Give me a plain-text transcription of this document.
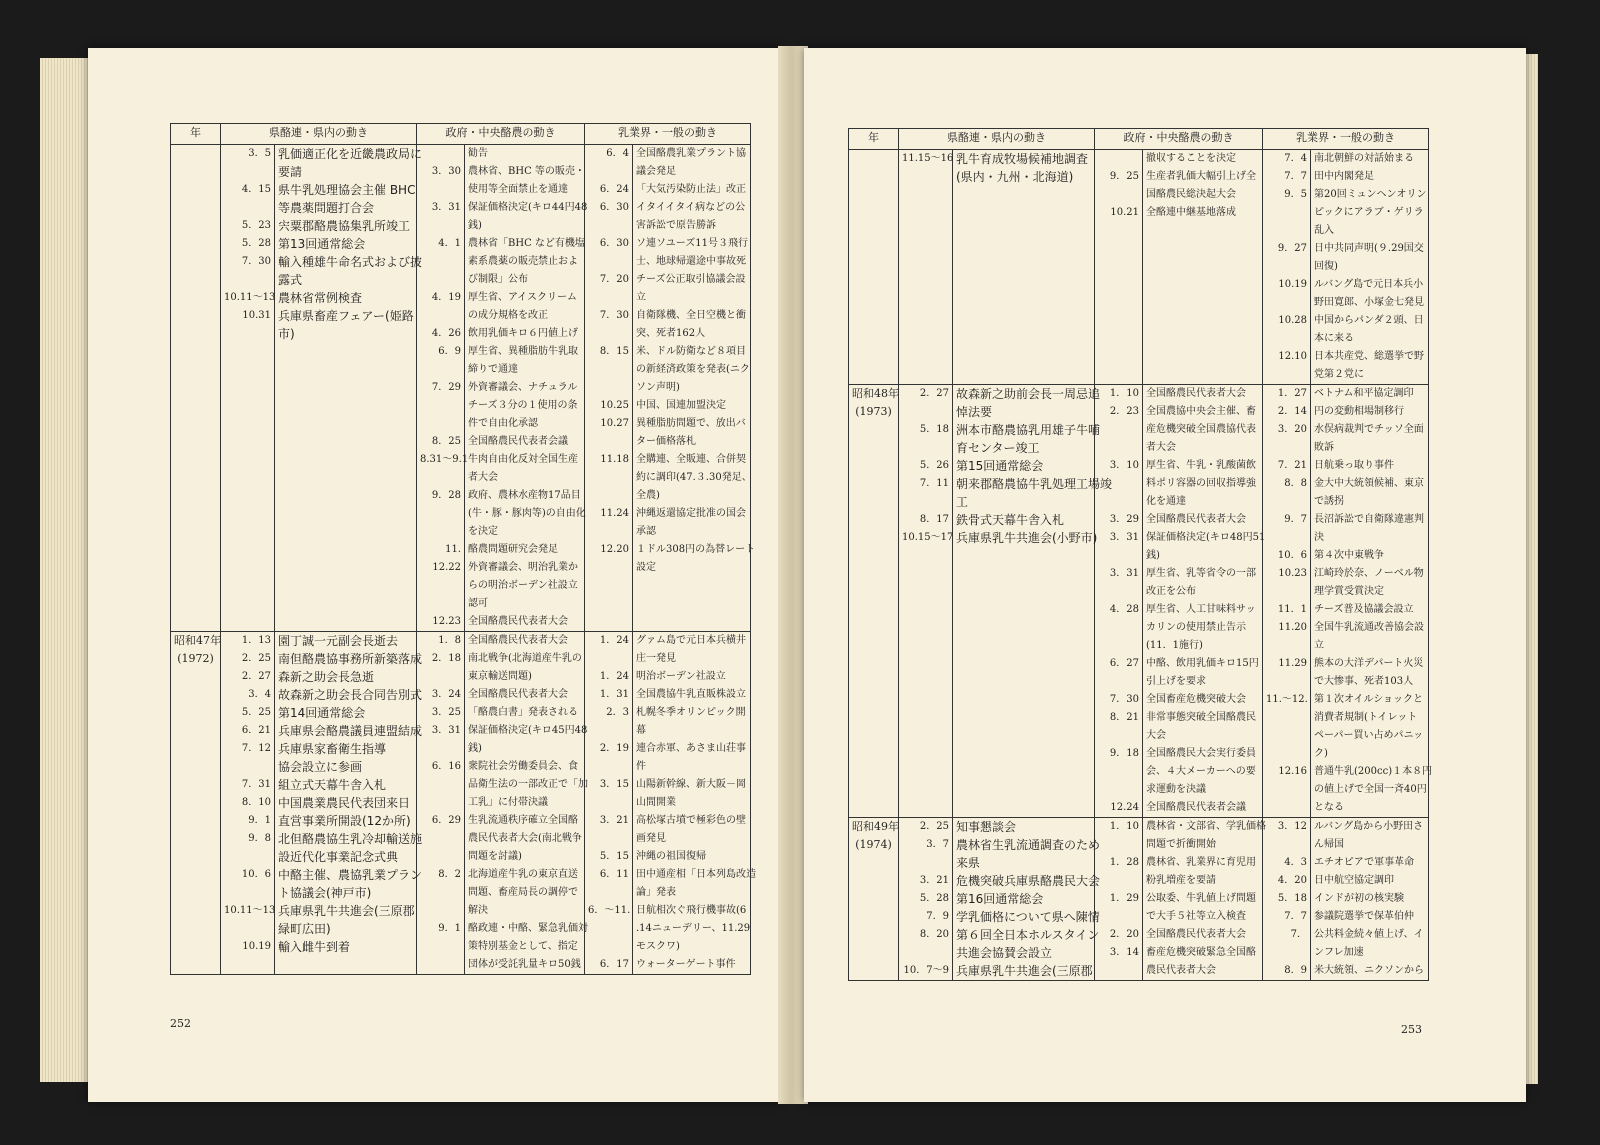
年	県酪連・県内の動き		政府・中央酪農の動き		乳業界・一般の動き	
	3．5	乳価適正化を近畿農政局に		勧告	6．4	全国酪農乳業プラント協
		要請	3．30	農林省、BHC 等の販売・		議会発足
	4．15	県牛乳処理協会主催 BHC		使用等全面禁止を通達	6．24	「大気汚染防止法」改正
		等農薬問題打合会	3．31	保証価格決定(キロ44円48	6．30	イタイイタイ病などの公
	5．23	宍粟郡酪農協集乳所竣工		銭)		害訴訟で原告勝訴
	5．28	第13回通常総会	4．1	農林省「BHC など有機塩	6．30	ソ連ソユーズ11号３飛行
	7．30	輸入種雄牛命名式および披		素系農薬の販売禁止およ		士、地球帰還途中事故死
		露式		び制限」公布	7．20	チーズ公正取引協議会設
	10.11～13	農林省常例検査	4．19	厚生省、アイスクリーム		立
	10.31	兵庫県畜産フェアー(姫路		の成分規格を改正	7．30	自衛隊機、全日空機と衝
		市)	4．26	飲用乳価キロ６円値上げ		突、死者162人
			6．9	厚生省、異種脂肪牛乳取	8．15	米、ドル防衛など８項目
				締りで通達		の新経済政策を発表(ニク
			7．29	外資審議会、ナチュラル		ソン声明)
				チーズ３分の１使用の条	10.25	中国、国連加盟決定
				件で自由化承認	10.27	異種脂肪問題で、放出バ
			8．25	全国酪農民代表者会議		ター価格落札
			8.31～9.1	牛肉自由化反対全国生産	11.18	全購連、全販連、合併契
				者大会		約に調印(47.３.30発足、
			9．28	政府、農林水産物17品目		全農)
				(牛・豚・豚肉等)の自由化	11.24	沖縄返還協定批准の国会
				を決定		承認
			11.	酪農問題研究会発足	12.20	１ドル308円の為替レート
			12.22	外資審議会、明治乳業か		設定
				らの明治ボーデン社設立		
				認可		
			12.23	全国酪農民代表者大会		
昭和47年	1．13	園丁誠一元副会長逝去	1．8	全国酪農民代表者大会	1．24	グァム島で元日本兵横井
(1972)	2．25	南但酪農協事務所新築落成	2．18	南北戦争(北海道産牛乳の		庄一発見
	2．27	森新之助会長急逝		東京輸送問題)	1．24	明治ボーデン社設立
	3．4	故森新之助会長合同告別式	3．24	全国酪農民代表者大会	1．31	全国農協牛乳直販株設立
	5．25	第14回通常総会	3．25	「酪農白書」発表される	2．3	札幌冬季オリンピック開
	6．21	兵庫県会酪農議員連盟結成	3．31	保証価格決定(キロ45円48		幕
	7．12	兵庫県家畜衛生指導		銭)	2．19	連合赤軍、あさま山荘事
		協会設立に参画	6．16	衆院社会労働委員会、食		件
	7．31	組立式天幕牛舎入札		品衛生法の一部改正で「加	3．15	山陽新幹線、新大阪－岡
	8．10	中国農業農民代表団来日		工乳」に付帯決議		山間開業
	9．1	直営事業所開設(12か所)	6．29	生乳流通秩序確立全国酪	3．21	高松塚古墳で極彩色の壁
	9．8	北但酪農協生乳冷却輸送施		農民代表者大会(南北戦争		画発見
		設近代化事業記念式典		問題を討議)	5．15	沖縄の祖国復帰
	10．6	中酪主催、農協乳業プラン	8．2	北海道産牛乳の東京直送	6．11	田中通産相「日本列島改造
		ト協議会(神戸市)		問題、畜産局長の調停で		論」発表
	10.11～13	兵庫県乳牛共進会(三原郡		解決	6．～11.	日航相次ぐ飛行機事故(6
		緑町広田)	9．1	酪政連・中酪、緊急乳価対		.14ニューデリー、11.29
	10.19	輸入雌牛到着		策特別基金として、指定		モスクワ)
				団体が受託乳量キロ50銭	6．17	ウォーターゲート事件
252
年	県酪連・県内の動き		政府・中央酪農の動き		乳業界・一般の動き	
	11.15～16	乳牛育成牧場候補地調査		撤収することを決定	7．4	南北朝鮮の対話始まる
		(県内・九州・北海道)	9．25	生産者乳価大幅引上げ全	7．7	田中内閣発足
				国酪農民総決起大会	9．5	第20回ミュンヘンオリン
			10.21	全酪連中継基地落成		ピックにアラブ・ゲリラ
						乱入
					9．27	日中共同声明(９.29国交
						回復)
					10.19	ルバング島で元日本兵小
						野田寛郎、小塚金七発見
					10.28	中国からパンダ２頭、日
						本に来る
					12.10	日本共産党、総選挙で野
						党第２党に
昭和48年	2．27	故森新之助前会長一周忌追	1．10	全国酪農民代表者大会	1．27	ベトナム和平協定調印
(1973)		悼法要	2．23	全国農協中央会主催、畜	2．14	円の変動相場制移行
	5．18	洲本市酪農協乳用雄子牛哺		産危機突破全国農協代表	3．20	水俣病裁判でチッソ全面
		育センター竣工		者大会		敗訴
	5．26	第15回通常総会	3．10	厚生省、牛乳・乳酸菌飲	7．21	日航乗っ取り事件
	7．11	朝来郡酪農協牛乳処理工場竣		料ポリ容器の回収指導強	8．8	金大中大統領候補、東京
		工		化を通達		で誘拐
	8．17	鉄骨式天幕牛舎入札	3．29	全国酪農民代表者大会	9．7	長沼訴訟で自衛隊違憲判
	10.15～17	兵庫県乳牛共進会(小野市)	3．31	保証価格決定(キロ48円51		決
				銭)	10．6	第４次中東戦争
			3．31	厚生省、乳等省令の一部	10.23	江崎玲於奈、ノーベル物
				改正を公布		理学賞受賞決定
			4．28	厚生省、人工甘味料サッ	11．1	チーズ普及協議会設立
				カリンの使用禁止告示	11.20	全国牛乳流通改善協会設
				(11．1施行)		立
			6．27	中酪、飲用乳価キロ15円	11.29	熊本の大洋デパート火災
				引上げを要求		で大惨事、死者103人
			7．30	全国畜産危機突破大会	11.～12.	第１次オイルショックと
			8．21	非常事態突破全国酪農民		消費者規制(トイレット
				大会		ペーパー買い占めパニッ
			9．18	全国酪農民大会実行委員		ク)
				会、４大メーカーへの要	12.16	普通牛乳(200cc)１本８円
				求運動を決議		の値上げで全国一斉40円
			12.24	全国酪農民代表者会議		となる
昭和49年	2．25	知事懇談会	1．10	農林省・文部省、学乳価格	3．12	ルバング島から小野田さ
(1974)	3．7	農林省生乳流通調査のため		問題で折衝開始		ん帰国
		来県	1．28	農林省、乳業界に育児用	4．3	エチオピアで軍事革命
	3．21	危機突破兵庫県酪農民大会		粉乳増産を要請	4．20	日中航空協定調印
	5．28	第16回通常総会	1．29	公取委、牛乳値上げ問題	5．18	インドが初の核実験
	7．9	学乳価格について県へ陳情		で大手５社等立入検査	7．7	参議院選挙で保革伯仲
	8．20	第６回全日本ホルスタイン	2．20	全国酪農民代表者大会	7．	公共料金続々値上げ、イ
		共進会協賛会設立	3．14	畜産危機突破緊急全国酪		ンフレ加速
	10．7～9	兵庫県乳牛共進会(三原郡		農民代表者大会	8．9	米大統領、ニクソンから
253
